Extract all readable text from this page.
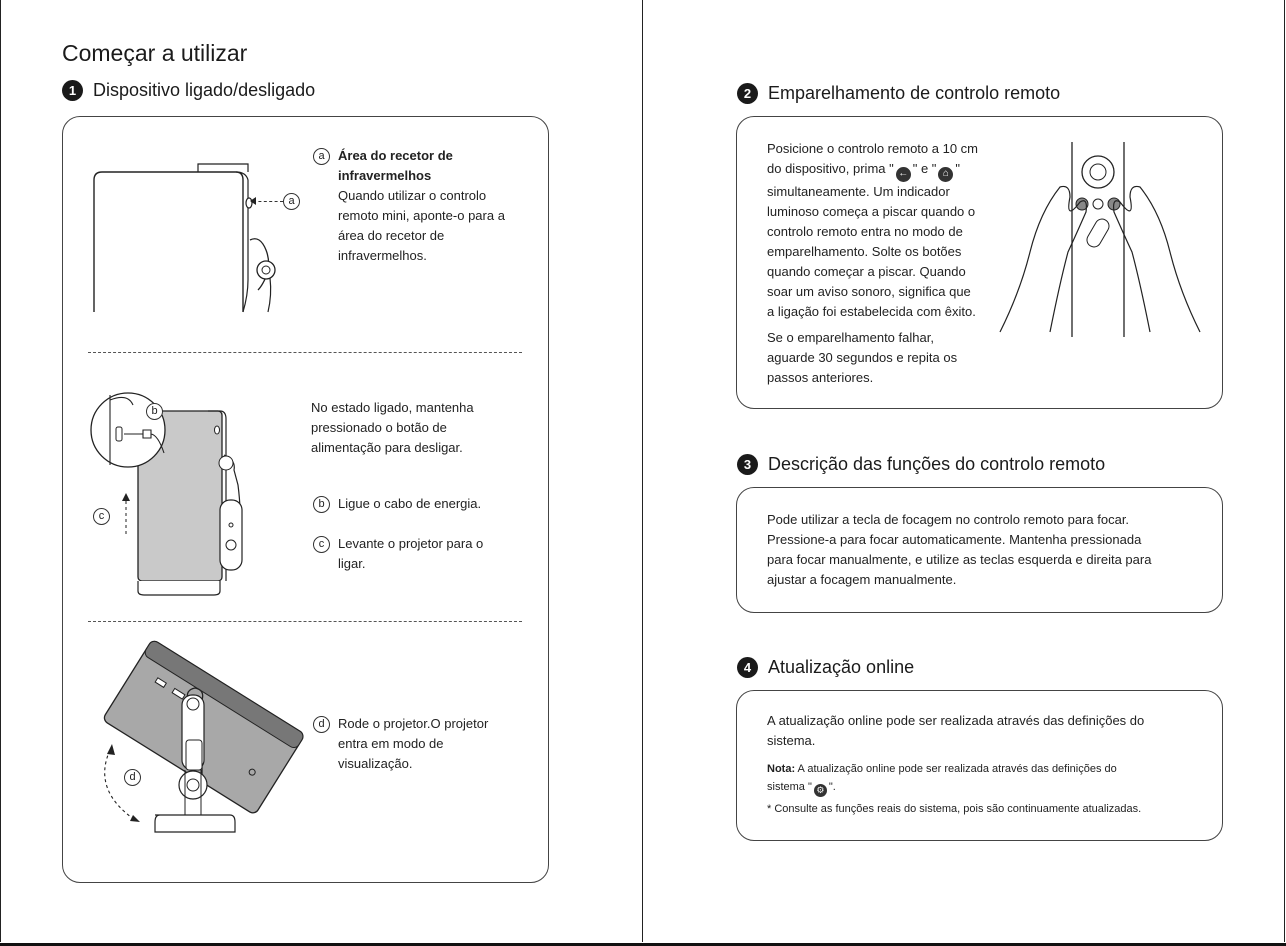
Começar a utilizar
1 Dispositivo ligado/desligado
a
a	Área do recetor de
infravermelhos
Quando utilizar o controlo
remoto mini, aponte-o para a
área do recetor de
infravermelhos.
b
c
No estado ligado, mantenha
pressionado o botão de
alimentação para desligar.
b	Ligue o cabo de energia.
c	Levante o projetor para o
ligar.
d
d	Rode o projetor.O projetor
entra em modo de
visualização.
2 Emparelhamento de controlo remoto
Posicione o controlo remoto a 10 cm
do dispositivo, prima " ← " e " ⌂ "
simultaneamente. Um indicador
luminoso começa a piscar quando o
controlo remoto entra no modo de
emparelhamento. Solte os botões
quando começar a piscar. Quando
soar um aviso sonoro, significa que
a ligação foi estabelecida com êxito.
Se o emparelhamento falhar,
aguarde 30 segundos e repita os
passos anteriores.
3 Descrição das funções do controlo remoto
Pode utilizar a tecla de focagem no controlo remoto para focar.
Pressione-a para focar automaticamente. Mantenha pressionada
para focar manualmente, e utilize as teclas esquerda e direita para
ajustar a focagem manualmente.
4 Atualização online
A atualização online pode ser realizada através das definições do
sistema.
Nota: A atualização online pode ser realizada através das definições do
sistema " ⚙ ".
* Consulte as funções reais do sistema, pois são continuamente atualizadas.
